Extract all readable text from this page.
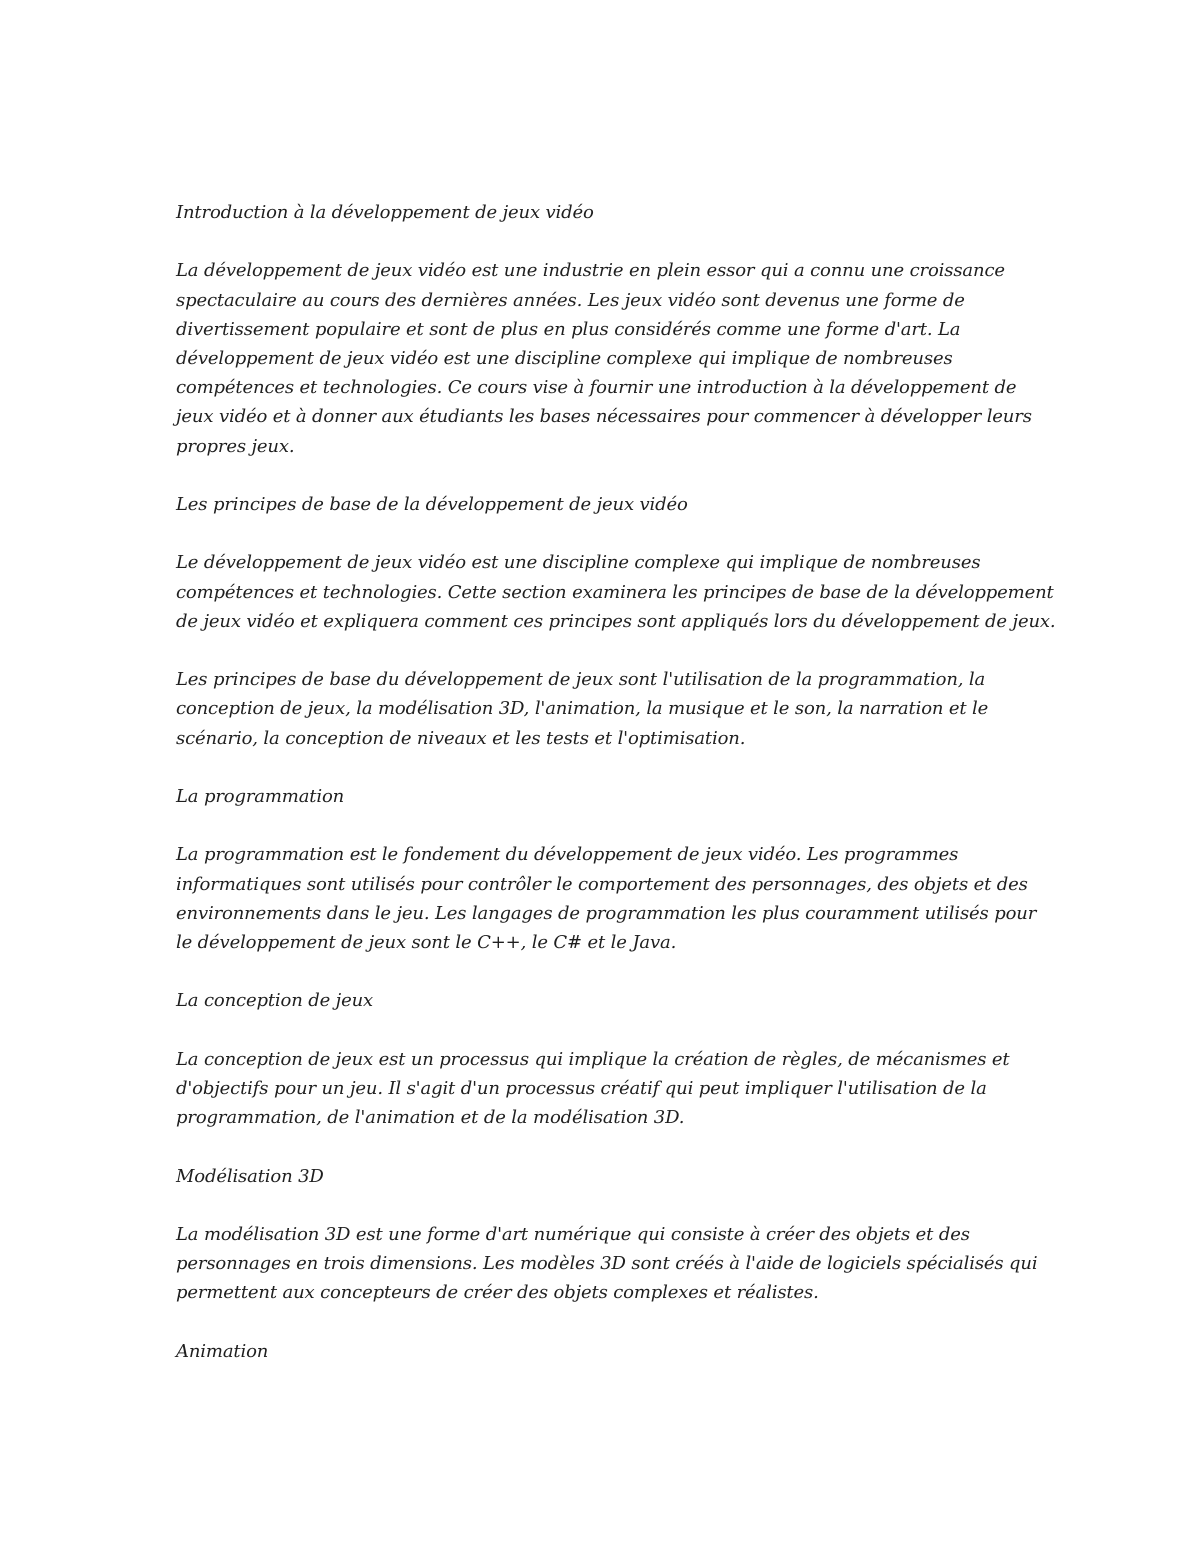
Introduction à la développement de jeux vidéo

La développement de jeux vidéo est une industrie en plein essor qui a connu une croissance spectaculaire au cours des dernières années. Les jeux vidéo sont devenus une forme de divertissement populaire et sont de plus en plus considérés comme une forme d'art. La développement de jeux vidéo est une discipline complexe qui implique de nombreuses compétences et technologies. Ce cours vise à fournir une introduction à la développement de jeux vidéo et à donner aux étudiants les bases nécessaires pour commencer à développer leurs propres jeux.

Les principes de base de la développement de jeux vidéo

Le développement de jeux vidéo est une discipline complexe qui implique de nombreuses compétences et technologies. Cette section examinera les principes de base de la développement de jeux vidéo et expliquera comment ces principes sont appliqués lors du développement de jeux.

Les principes de base du développement de jeux sont l'utilisation de la programmation, la conception de jeux, la modélisation 3D, l'animation, la musique et le son, la narration et le scénario, la conception de niveaux et les tests et l'optimisation.

La programmation

La programmation est le fondement du développement de jeux vidéo. Les programmes informatiques sont utilisés pour contrôler le comportement des personnages, des objets et des environnements dans le jeu. Les langages de programmation les plus couramment utilisés pour le développement de jeux sont le C++, le C# et le Java.

La conception de jeux

La conception de jeux est un processus qui implique la création de règles, de mécanismes et d'objectifs pour un jeu. Il s'agit d'un processus créatif qui peut impliquer l'utilisation de la programmation, de l'animation et de la modélisation 3D.

Modélisation 3D

La modélisation 3D est une forme d'art numérique qui consiste à créer des objets et des personnages en trois dimensions. Les modèles 3D sont créés à l'aide de logiciels spécialisés qui permettent aux concepteurs de créer des objets complexes et réalistes.

Animation
